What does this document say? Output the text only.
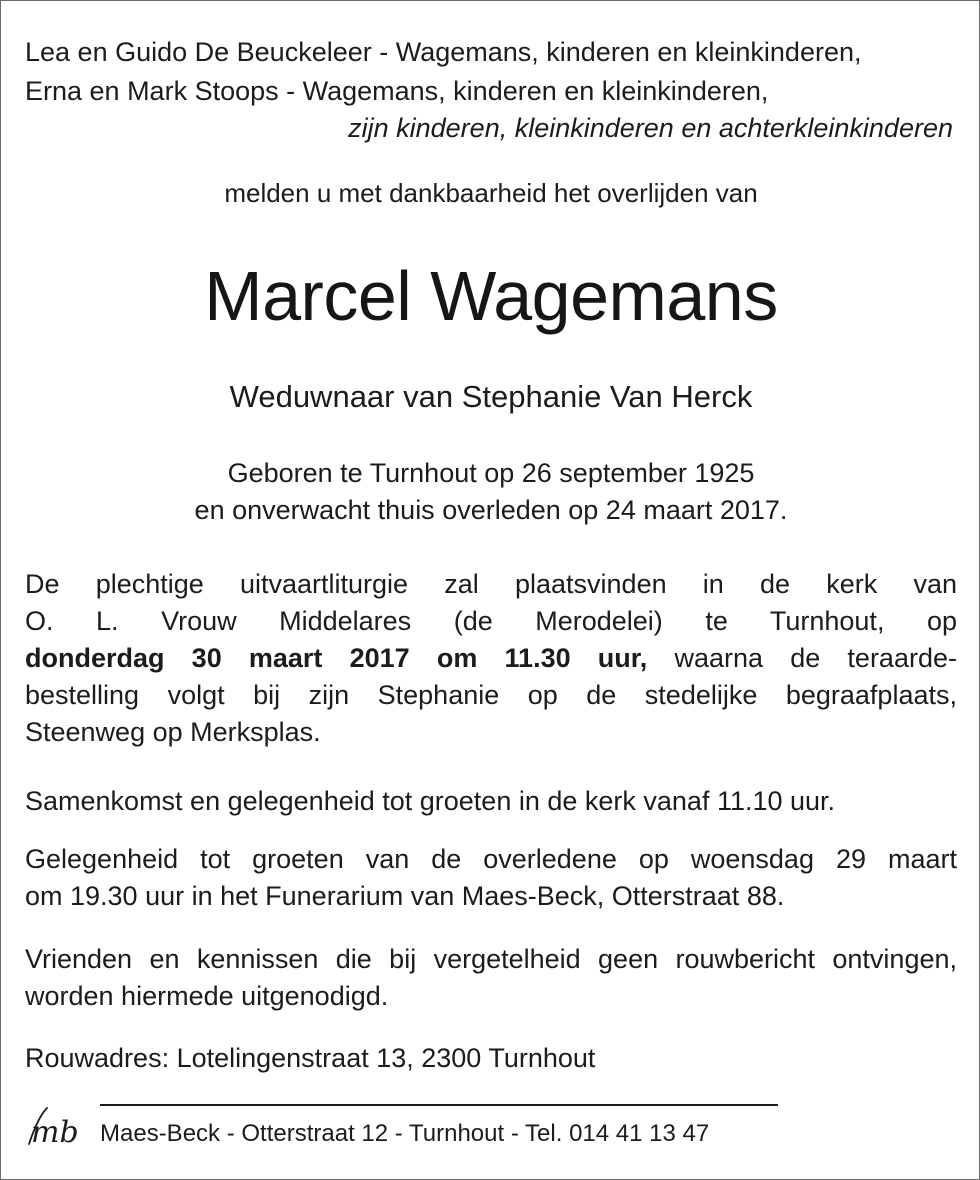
Lea en Guido De Beuckeleer - Wagemans, kinderen en kleinkinderen,
Erna en Mark Stoops - Wagemans, kinderen en kleinkinderen,
zijn kinderen, kleinkinderen en achterkleinkinderen
melden u met dankbaarheid het overlijden van
Marcel Wagemans
Weduwnaar van Stephanie Van Herck
Geboren te Turnhout op 26 september 1925
en onverwacht thuis overleden op 24 maart 2017.
De plechtige uitvaartliturgie zal plaatsvinden in de kerk van
O. L. Vrouw Middelares (de Merodelei) te Turnhout, op
donderdag 30 maart 2017 om 11.30 uur, waarna de teraarde-
bestelling volgt bij zijn Stephanie op de stedelijke begraafplaats,
Steenweg op Merksplas.
Samenkomst en gelegenheid tot groeten in de kerk vanaf 11.10 uur.
Gelegenheid tot groeten van de overledene op woensdag 29 maart
om 19.30 uur in het Funerarium van Maes-Beck, Otterstraat 88.
Vrienden en kennissen die bij vergetelheid geen rouwbericht ontvingen,
worden hiermede uitgenodigd.
Rouwadres: Lotelingenstraat 13, 2300 Turnhout
mb Maes-Beck - Otterstraat 12 - Turnhout - Tel. 014 41 13 47
